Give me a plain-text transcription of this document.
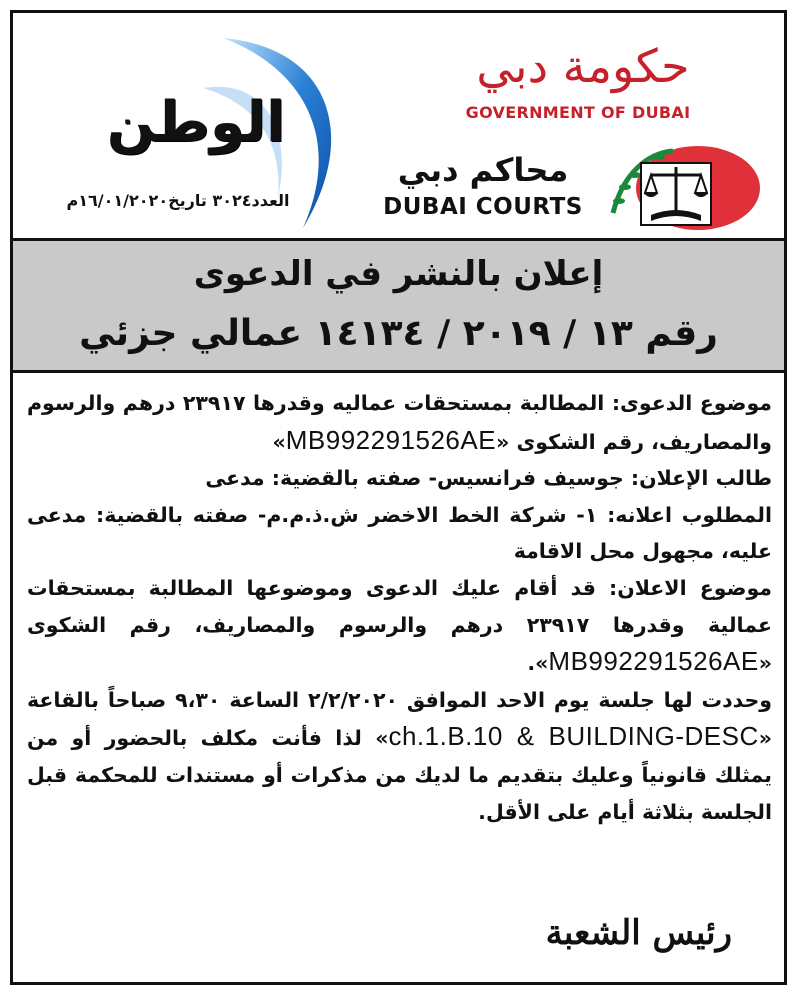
الوطن
العدد٣٠٢٤ تاريخ١٦/٠١/٢٠٢٠م
حكومة دبي
GOVERNMENT OF DUBAI
محاكم دبي
DUBAI COURTS
إعلان بالنشر في الدعوى
رقم ١٣ / ٢٠١٩ / ١٤١٣٤ عمالي جزئي

موضوع الدعوى: المطالبة بمستحقات عماليه وقدرها ٢٣٩١٧ درهم والرسوم والمصاريف، رقم الشكوى «MB992291526AE»

طالب الإعلان: جوسيف فرانسيس- صفته بالقضية: مدعى

المطلوب اعلانه: ١- شركة الخط الاخضر ش.ذ.م.م- صفته بالقضية: مدعى عليه، مجهول محل الاقامة

موضوع الاعلان: قد أقام عليك الدعوى وموضوعها المطالبة بمستحقات عمالية وقدرها ٢٣٩١٧ درهم والرسوم والمصاريف، رقم الشكوى «MB992291526AE».

وحددت لها جلسة يوم الاحد الموافق ٢/٢/٢٠٢٠ الساعة ٩،٣٠ صباحاً بالقاعة «ch.1.B.10 & BUILDING-DESC» لذا فأنت مكلف بالحضور أو من يمثلك قانونياً وعليك بتقديم ما لديك من مذكرات أو مستندات للمحكمة قبل الجلسة بثلاثة أيام على الأقل.

رئيس الشعبة
